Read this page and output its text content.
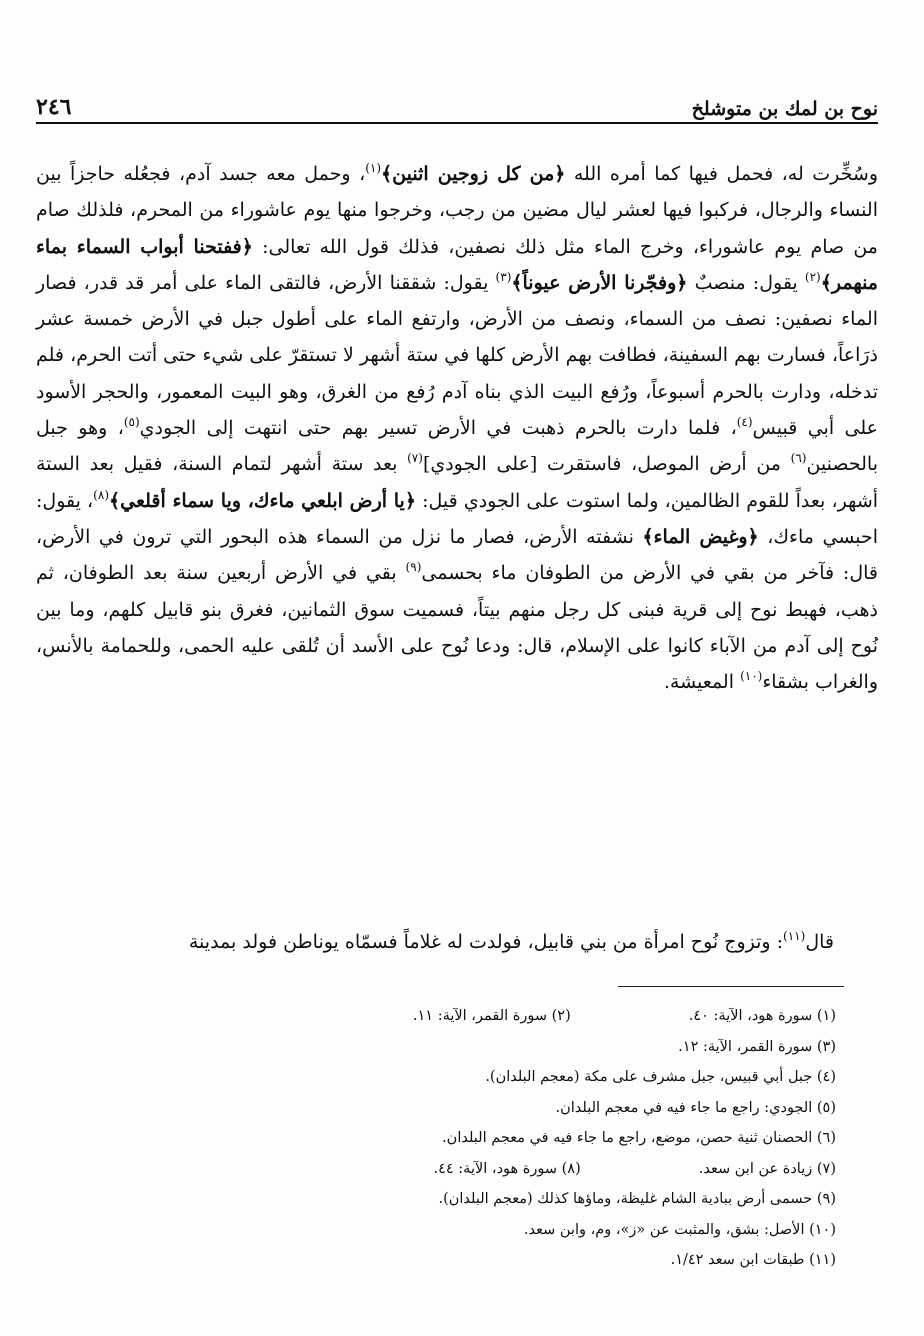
نوح بن لمك بن متوشلخ
٢٤٦

وسُخِّرت له، فحمل فيها كما أمره الله ﴿من كل زوجين اثنين﴾$^{(١)}$، وحمل معه جسد آدم، فجعُله حاجزاً بين النساء والرجال، فركبوا فيها لعشر ليال مضين من رجب، وخرجوا منها يوم عاشوراء من المحرم، فلذلك صام من صام يوم عاشوراء، وخرج الماء مثل ذلك نصفين، فذلك قول الله تعالى: ﴿ففتحنا أبواب السماء بماء منهمر﴾$^{(٢)}$ يقول: منصبٌ ﴿وفجّرنا الأرض عيوناً﴾$^{(٣)}$ يقول: شققنا الأرض، فالتقى الماء على أمر قد قدر، فصار الماء نصفين: نصف من السماء، ونصف من الأرض، وارتفع الماء على أطول جبل في الأرض خمسة عشر ذرَاعاً، فسارت بهم السفينة، فطافت بهم الأرض كلها في ستة أشهر لا تستقرّ على شيء حتى أتت الحرم، فلم تدخله، ودارت بالحرم أسبوعاً، ورُفع البيت الذي بناه آدم رُفع من الغرق، وهو البيت المعمور، والحجر الأسود على أبي قبيس$^{(٤)}$، فلما دارت بالحرم ذهبت في الأرض تسير بهم حتى انتهت إلى الجودي$^{(٥)}$، وهو جبل بالحصنين$^{(٦)}$ من أرض الموصل، فاستقرت [على الجودي]$^{(٧)}$ بعد ستة أشهر لتمام السنة، فقيل بعد الستة أشهر، بعداً للقوم الظالمين، ولما استوت على الجودي قيل: ﴿يا أرض ابلعي ماءك، ويا سماء أقلعي﴾$^{(٨)}$، يقول: احبسي ماءك، ﴿وغيض الماء﴾ نشفته الأرض، فصار ما نزل من السماء هذه البحور التي ترون في الأرض، قال: فآخر من بقي في الأرض من الطوفان ماء بحسمى$^{(٩)}$ بقي في الأرض أربعين سنة بعد الطوفان، ثم ذهب، فهبط نوح إلى قرية فبنى كل رجل منهم بيتاً، فسميت سوق الثمانين، فغرق بنو قابيل كلهم، وما بين نُوح إلى آدم من الآباء كانوا على الإسلام، قال: ودعا نُوح على الأسد أن تُلقى عليه الحمى، وللحمامة بالأنس، والغراب بشقاء$^{(١٠)}$ المعيشة.

قال$^{(١١)}$: وتزوج نُوح امرأة من بني قابيل، فولدت له غلاماً فسمّاه يوناطن فولد بمدينة

(١) سورة هود، الآية: ٤٠.(٢) سورة القمر، الآية: ١١.
(٣) سورة القمر، الآية: ١٢.
(٤) جبل أبي قبيس، جبل مشرف على مكة (معجم البلدان).
(٥) الجودي: راجع ما جاء فيه في معجم البلدان.
(٦) الحصنان ثنية حصن، موضع، راجع ما جاء فيه في معجم البلدان.
(٧) زيادة عن ابن سعد.(٨) سورة هود، الآية: ٤٤.
(٩) حسمى أرض ببادية الشام غليظة، وماؤها كذلك (معجم البلدان).
(١٠) الأصل: بشق، والمثبت عن «ز»، وم، وابن سعد.
(١١) طبقات ابن سعد ١/٤٢.
